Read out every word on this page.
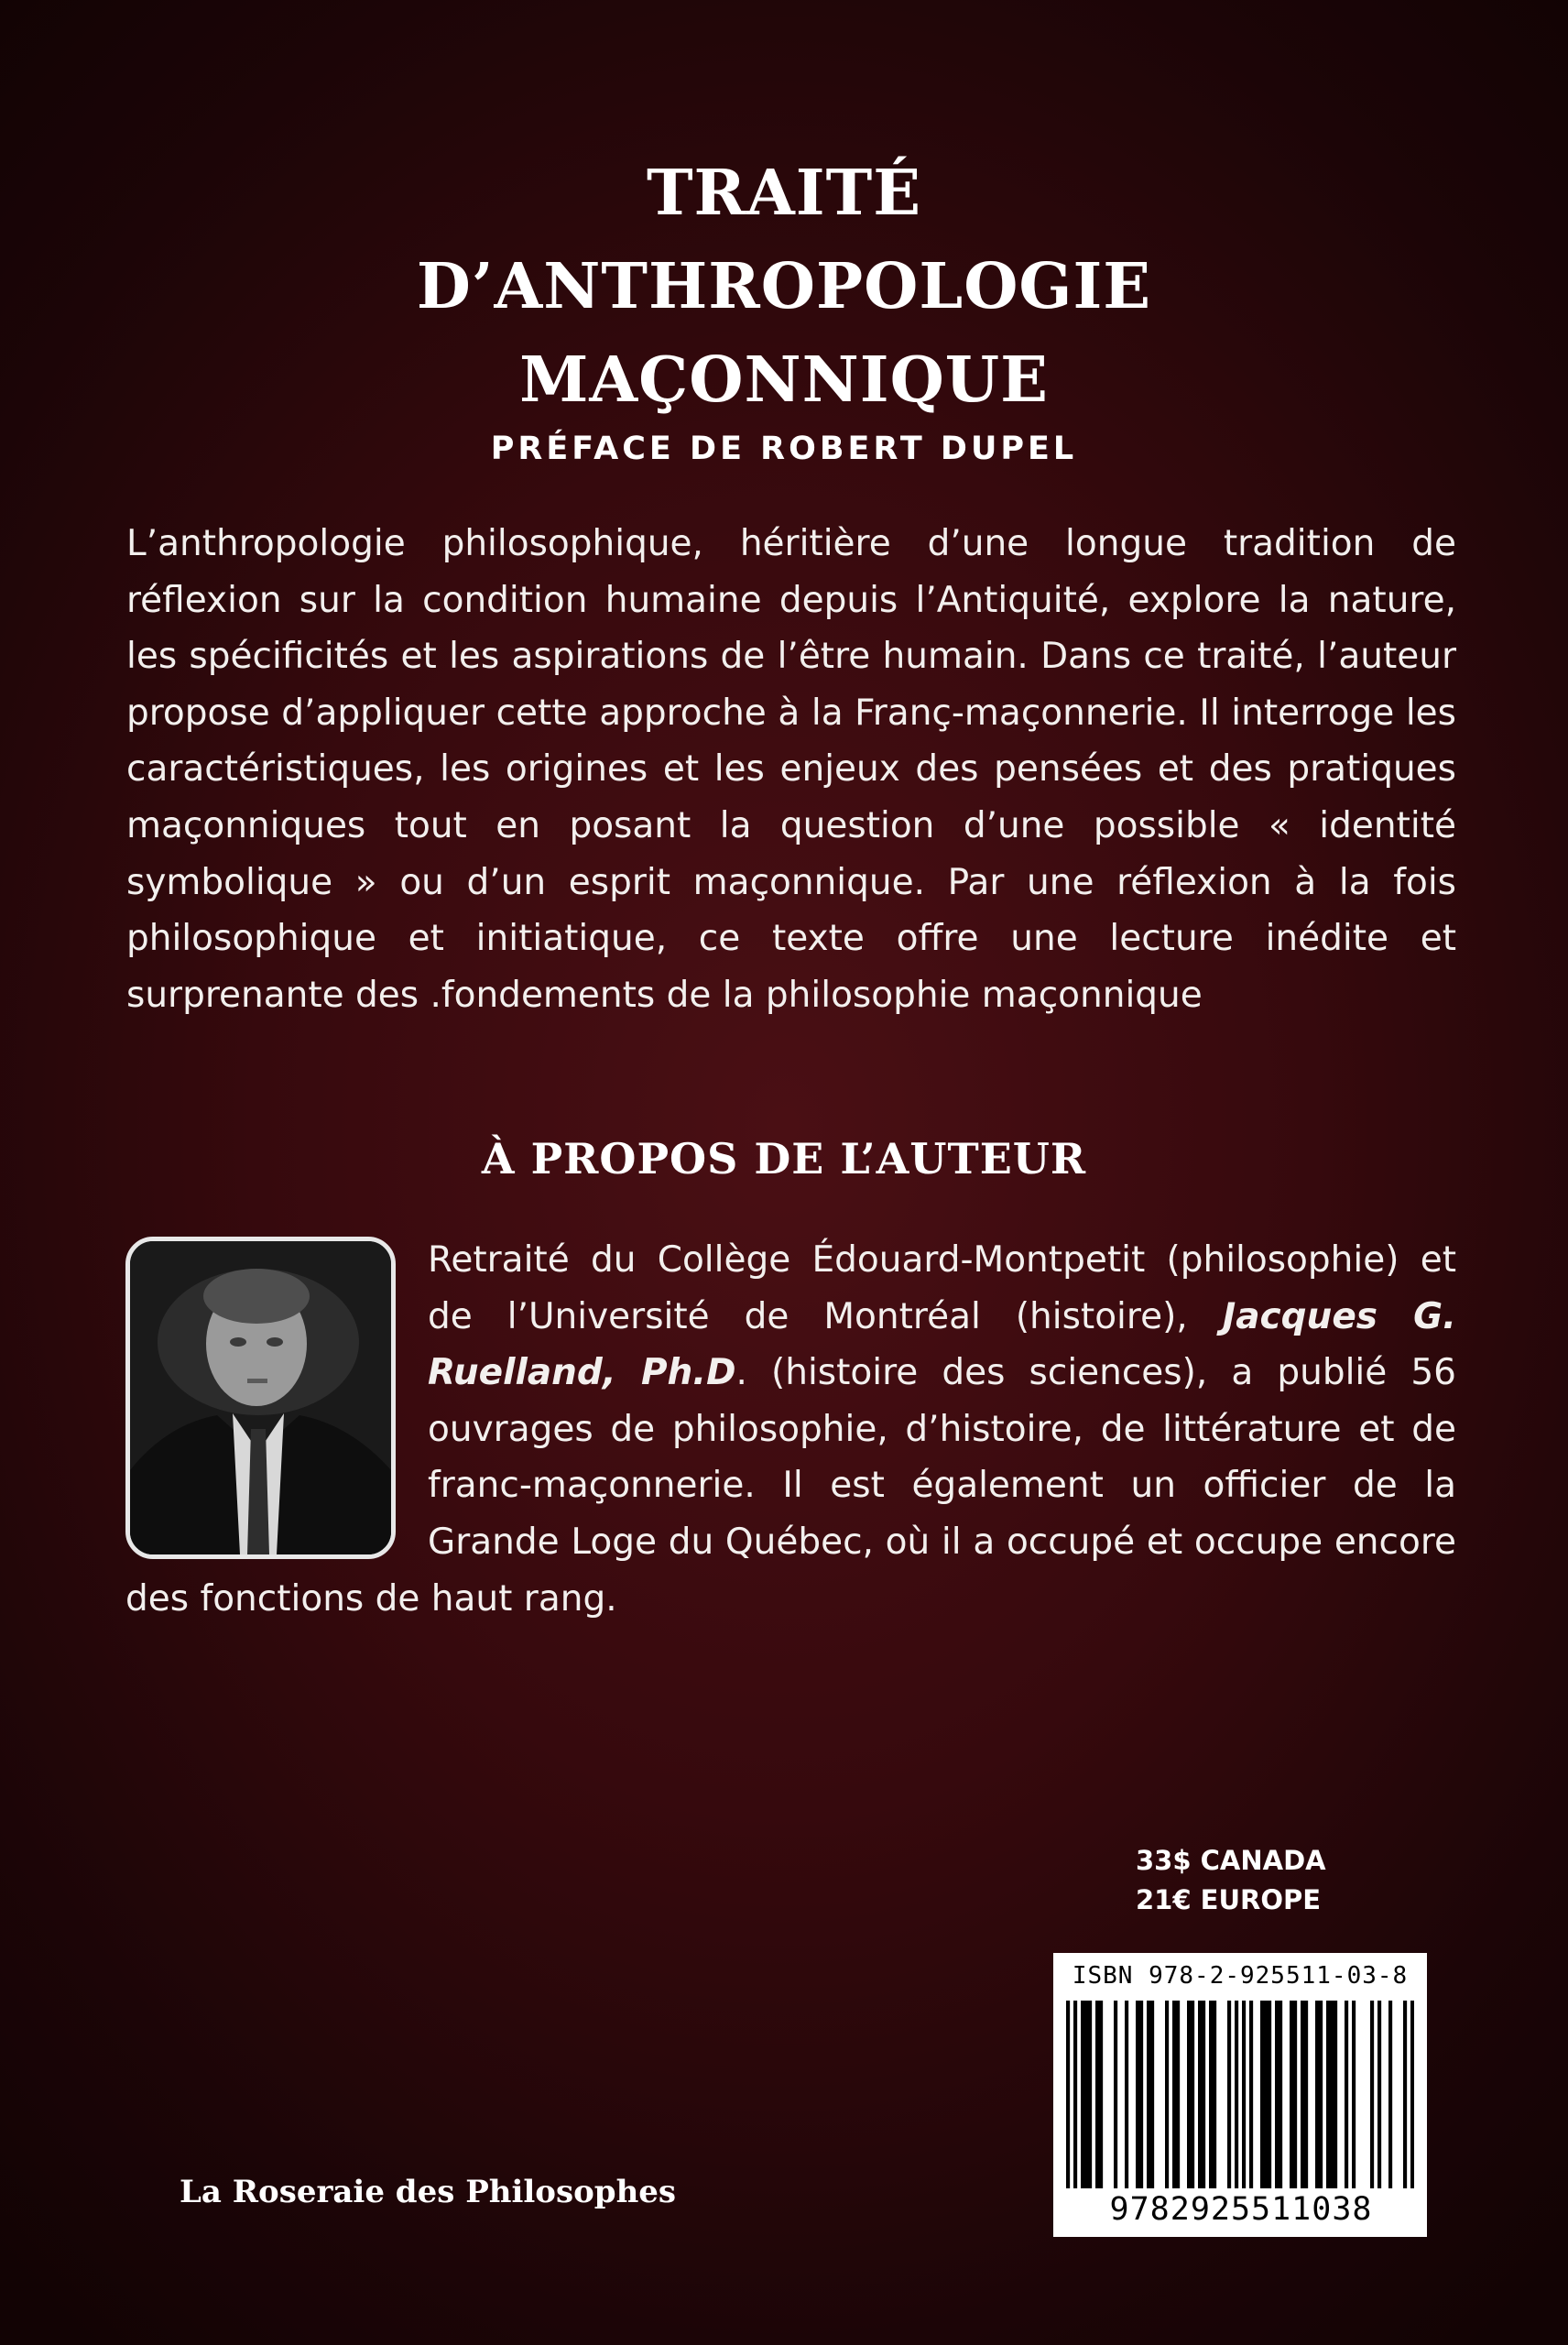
TRAITÉ
D’ANTHROPOLOGIE
MAÇONNIQUE
PRÉFACE DE ROBERT DUPEL

L’anthropologie philosophique, héritière d’une longue tradition de réflexion sur la condition humaine depuis l’Antiquité, explore la nature, les spécificités et les aspirations de l’être humain. Dans ce traité, l’auteur propose d’appliquer cette approche à la Franç-maçonnerie. Il interroge les caractéristiques, les origines et les enjeux des pensées et des pratiques maçonniques tout en posant la question d’une possible « identité symbolique » ou d’un esprit maçonnique. Par une réflexion à la fois philosophique et initiatique, ce texte offre une lecture inédite et surprenante des .fondements de la philosophie maçonnique

À PROPOS DE L’AUTEUR

Retraité du Collège Édouard-Montpetit (philosophie) et de l’Université de Montréal (histoire), Jacques G. Ruelland, Ph.D. (histoire des sciences), a publié 56 ouvrages de philosophie, d’histoire, de littérature et de franc-maçonnerie. Il est également un officier de la Grande Loge du Québec, où il a occupé et occupe encore des fonctions de haut rang.

33$ CANADA
21€ EUROPE
La Roseraie des Philosophes
ISBN 978-2-925511-03-8
9782925511038
